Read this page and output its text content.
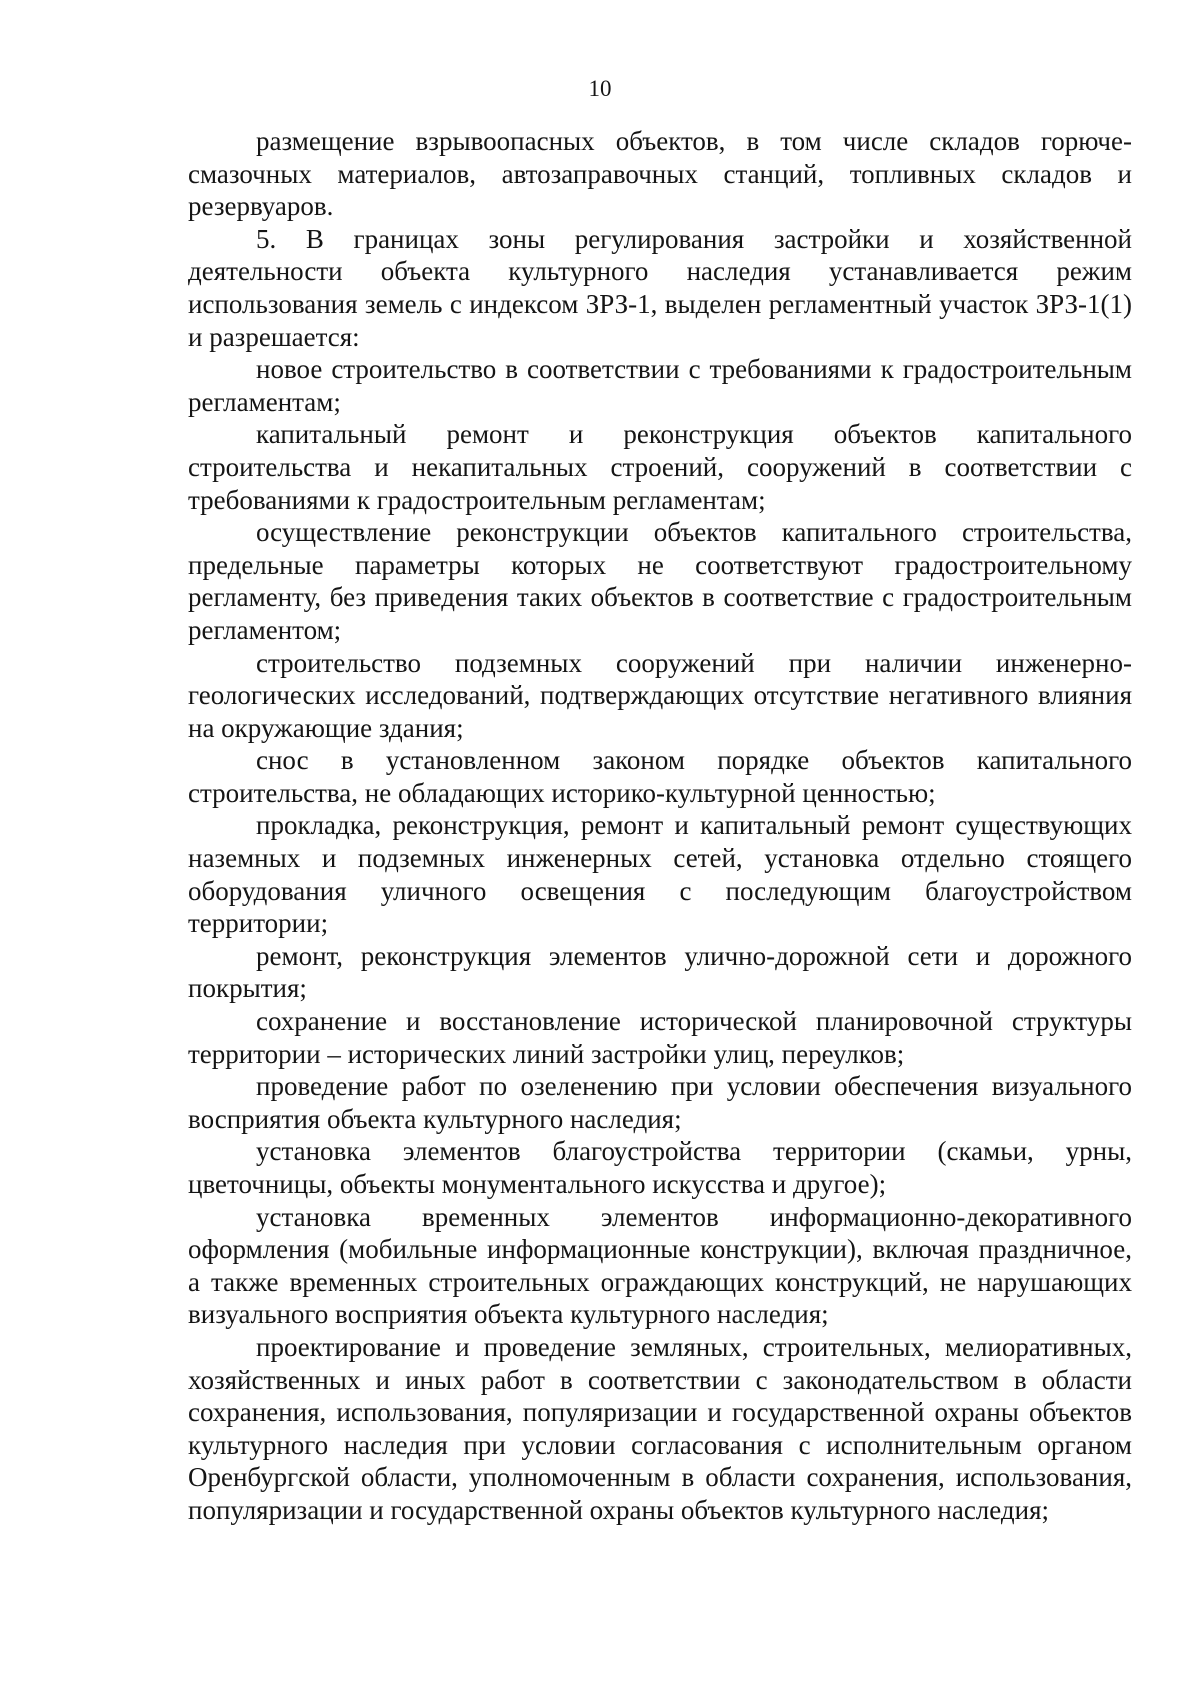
10

размещение взрывоопасных объектов, в том числе складов горюче-смазочных материалов, автозаправочных станций, топливных складов и резервуаров.

5. В границах зоны регулирования застройки и хозяйственной деятельности объекта культурного наследия устанавливается режим использования земель с индексом ЗРЗ-1, выделен регламентный участок ЗРЗ-1(1) и разрешается:

новое строительство в соответствии с требованиями к градостроительным регламентам;

капитальный ремонт и реконструкция объектов капитального строительства и некапитальных строений, сооружений в соответствии с требованиями к градостроительным регламентам;

осуществление реконструкции объектов капитального строительства, предельные параметры которых не соответствуют градостроительному регламенту, без приведения таких объектов в соответствие с градостроительным регламентом;

строительство подземных сооружений при наличии инженерно-геологических исследований, подтверждающих отсутствие негативного влияния на окружающие здания;

снос в установленном законом порядке объектов капитального строительства, не обладающих историко-культурной ценностью;

прокладка, реконструкция, ремонт и капитальный ремонт существующих наземных и подземных инженерных сетей, установка отдельно стоящего оборудования уличного освещения с последующим благоустройством территории;

ремонт, реконструкция элементов улично-дорожной сети и дорожного покрытия;

сохранение и восстановление исторической планировочной структуры территории – исторических линий застройки улиц, переулков;

проведение работ по озеленению при условии обеспечения визуального восприятия объекта культурного наследия;

установка элементов благоустройства территории (скамьи, урны, цветочницы, объекты монументального искусства и другое);

установка временных элементов информационно-декоративного оформления (мобильные информационные конструкции), включая праздничное, а также временных строительных ограждающих конструкций, не нарушающих визуального восприятия объекта культурного наследия;

проектирование и проведение земляных, строительных, мелиоративных, хозяйственных и иных работ в соответствии с законодательством в области сохранения, использования, популяризации и государственной охраны объектов культурного наследия при условии согласования с исполнительным органом Оренбургской области, уполномоченным в области сохранения, использования, популяризации и государственной охраны объектов культурного наследия;
